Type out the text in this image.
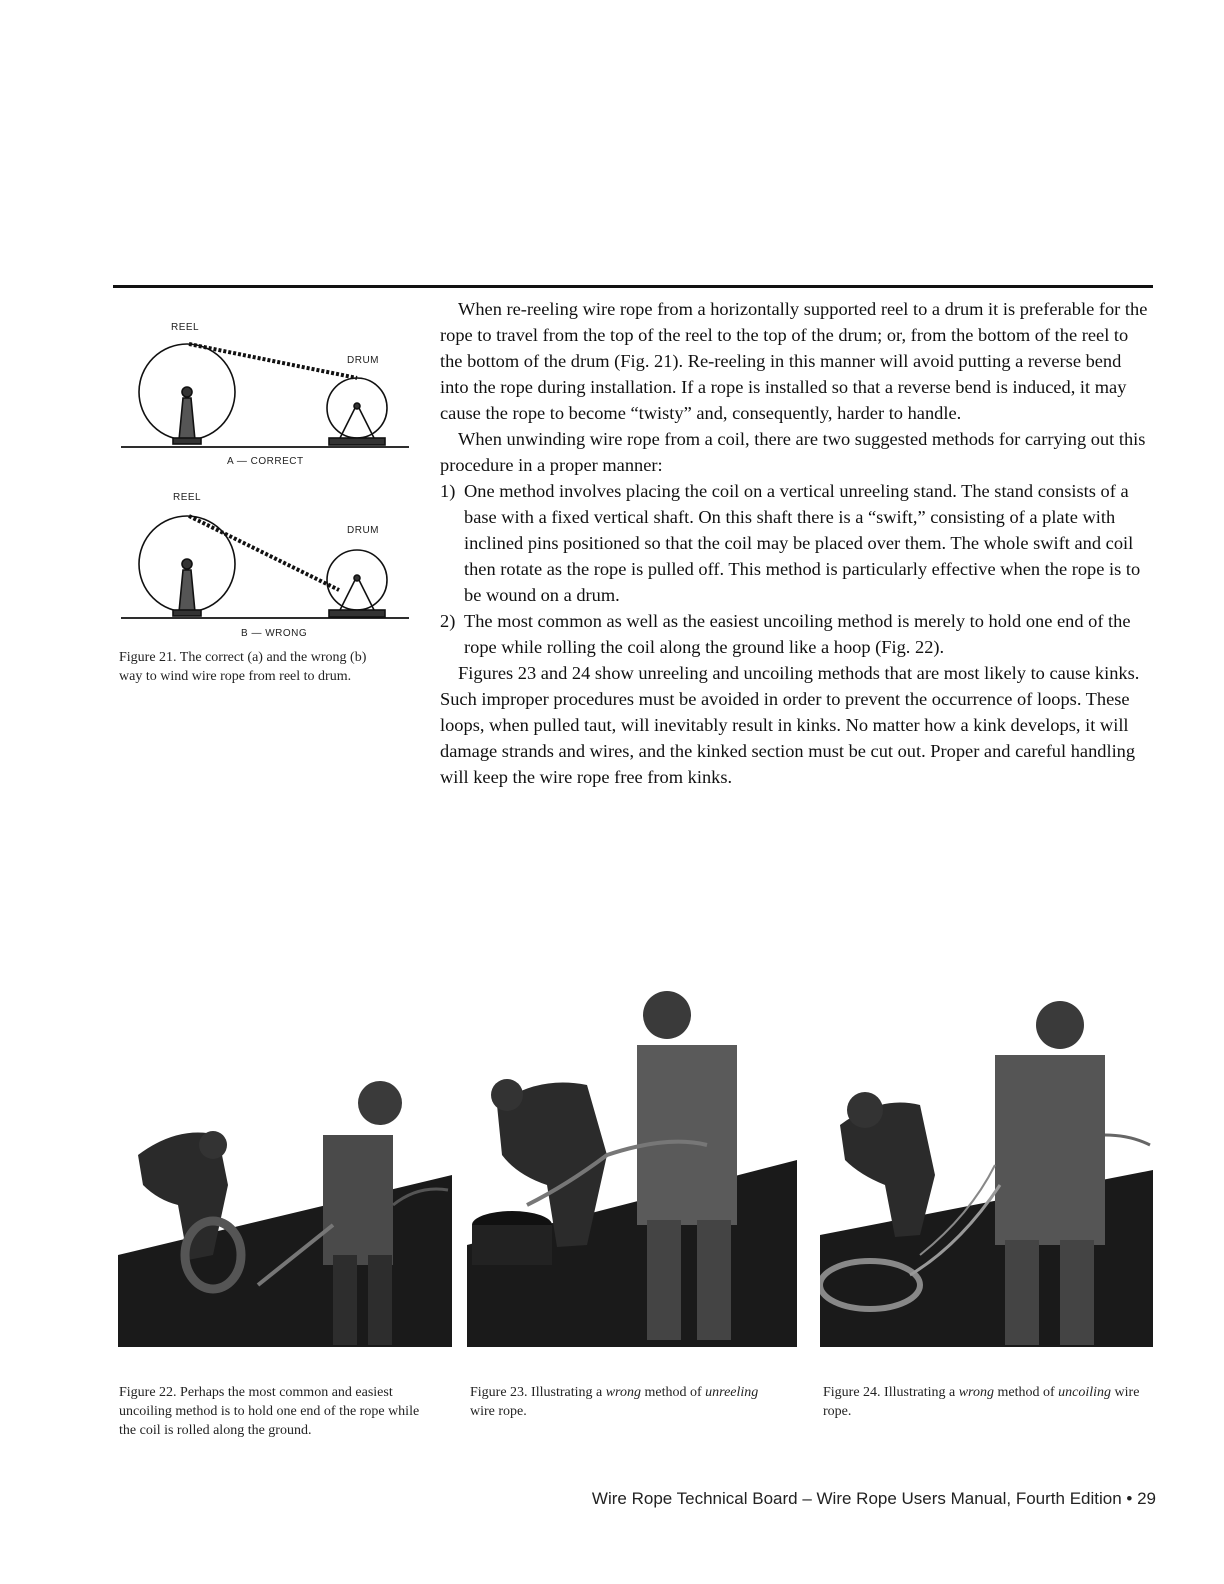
REEL
DRUM
A — CORRECT
REEL
DRUM
B — WRONG
Figure 21. The correct (a) and the wrong (b) way to wind wire rope from reel to drum.

When re-reeling wire rope from a horizontally supported reel to a drum it is preferable for the rope to travel from the top of the reel to the top of the drum; or, from the bottom of the reel to the bottom of the drum (Fig. 21). Re-reeling in this manner will avoid putting a reverse bend into the rope during installation. If a rope is installed so that a reverse bend is induced, it may cause the rope to become “twisty” and, consequently, harder to handle.

When unwinding wire rope from a coil, there are two suggested methods for carrying out this procedure in a proper manner:

1) One method involves placing the coil on a vertical unreeling stand. The stand consists of a base with a fixed vertical shaft. On this shaft there is a “swift,” consisting of a plate with inclined pins positioned so that the coil may be placed over them. The whole swift and coil then rotate as the rope is pulled off. This method is particularly effective when the rope is to be wound on a drum.
2) The most common as well as the easiest uncoiling method is merely to hold one end of the rope while rolling the coil along the ground like a hoop (Fig. 22).

Figures 23 and 24 show unreeling and uncoiling methods that are most likely to cause kinks. Such improper procedures must be avoided in order to prevent the occurrence of loops. These loops, when pulled taut, will inevitably result in kinks. No matter how a kink develops, it will damage strands and wires, and the kinked section must be cut out. Proper and careful handling will keep the wire rope free from kinks.

Figure 22. Perhaps the most common and easiest uncoiling method is to hold one end of the rope while the coil is rolled along the ground.
Figure 23. Illustrating a wrong method of unreeling wire rope.
Figure 24. Illustrating a wrong method of uncoiling wire rope.
Wire Rope Technical Board – Wire Rope Users Manual, Fourth Edition • 29
